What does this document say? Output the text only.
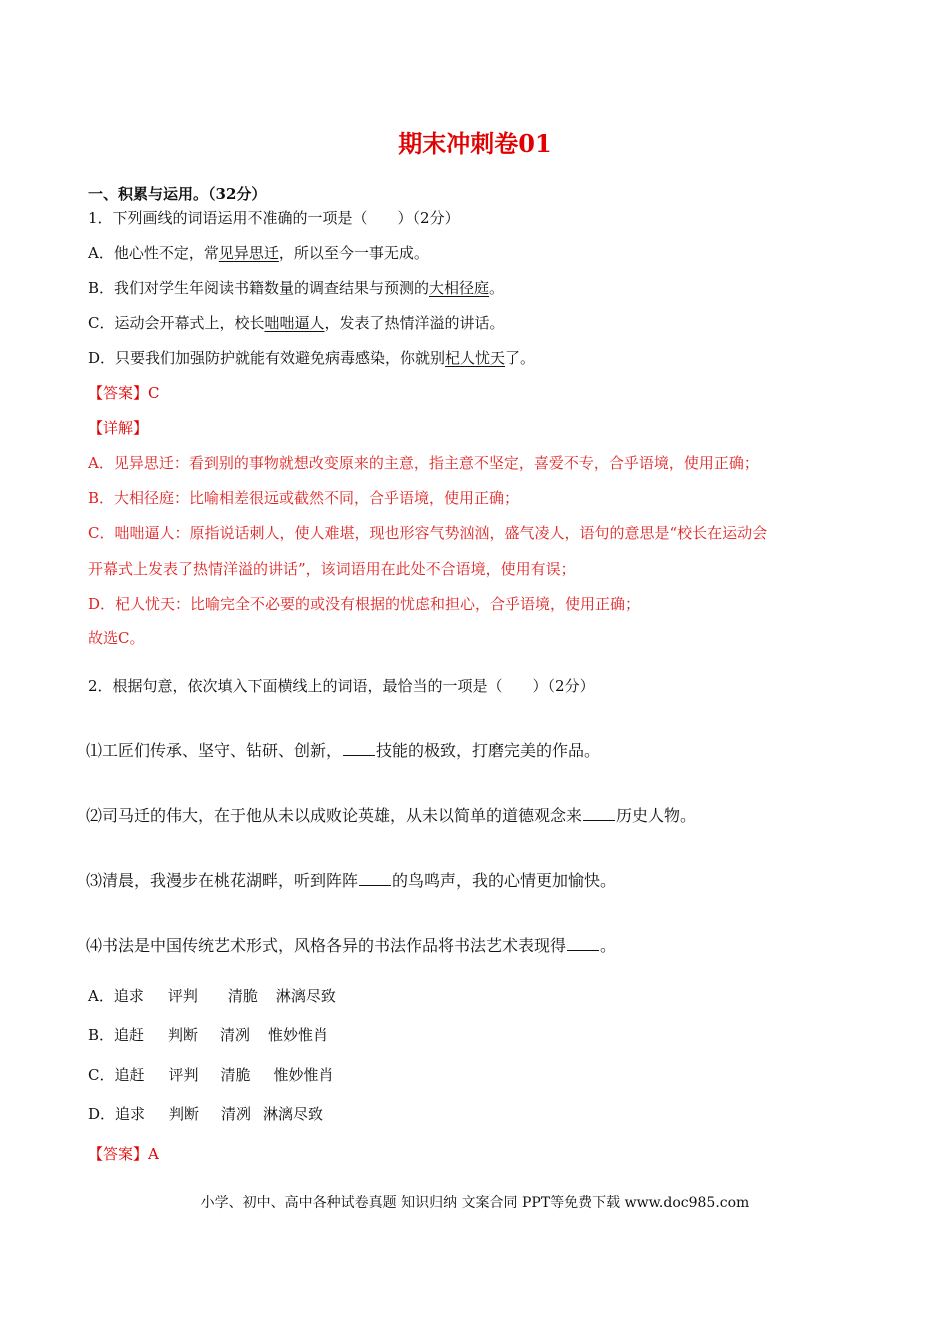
期末冲刺卷01
一、积累与运用。（32分）
1．下列画线的词语运用不准确的一项是（　　）（2分）
A．他心性不定，常见异思迁，所以至今一事无成。
B．我们对学生年阅读书籍数量的调查结果与预测的大相径庭。
C．运动会开幕式上，校长咄咄逼人，发表了热情洋溢的讲话。
D．只要我们加强防护就能有效避免病毒感染，你就别杞人忧天了。
【答案】C
【详解】
A．见异思迁：看到别的事物就想改变原来的主意，指主意不坚定，喜爱不专，合乎语境，使用正确；
B．大相径庭：比喻相差很远或截然不同，合乎语境，使用正确；
C．咄咄逼人：原指说话刺人，使人难堪，现也形容气势汹汹，盛气凌人，语句的意思是“校长在运动会
开幕式上发表了热情洋溢的讲话”，该词语用在此处不合语境，使用有误；
D．杞人忧天：比喻完全不必要的或没有根据的忧虑和担心，合乎语境，使用正确；
故选C。
2．根据句意，依次填入下面横线上的词语，最恰当的一项是（　　）（2分）
⑴工匠们传承、坚守、钻研、创新， 技能的极致，打磨完美的作品。
⑵司马迁的伟大，在于他从未以成败论英雄，从未以简单的道德观念来 历史人物。
⑶清晨，我漫步在桃花湖畔，听到阵阵 的鸟鸣声，我的心情更加愉快。
⑷书法是中国传统艺术形式，风格各异的书法作品将书法艺术表现得 。
A．追求 评判 清脆 淋漓尽致
B．追赶 判断 清冽 惟妙惟肖
C．追赶 评判 清脆 惟妙惟肖
D．追求 判断 清冽 淋漓尽致
【答案】A
小学、初中、高中各种试卷真题 知识归纳 文案合同 PPT等免费下载 www.doc985.com
